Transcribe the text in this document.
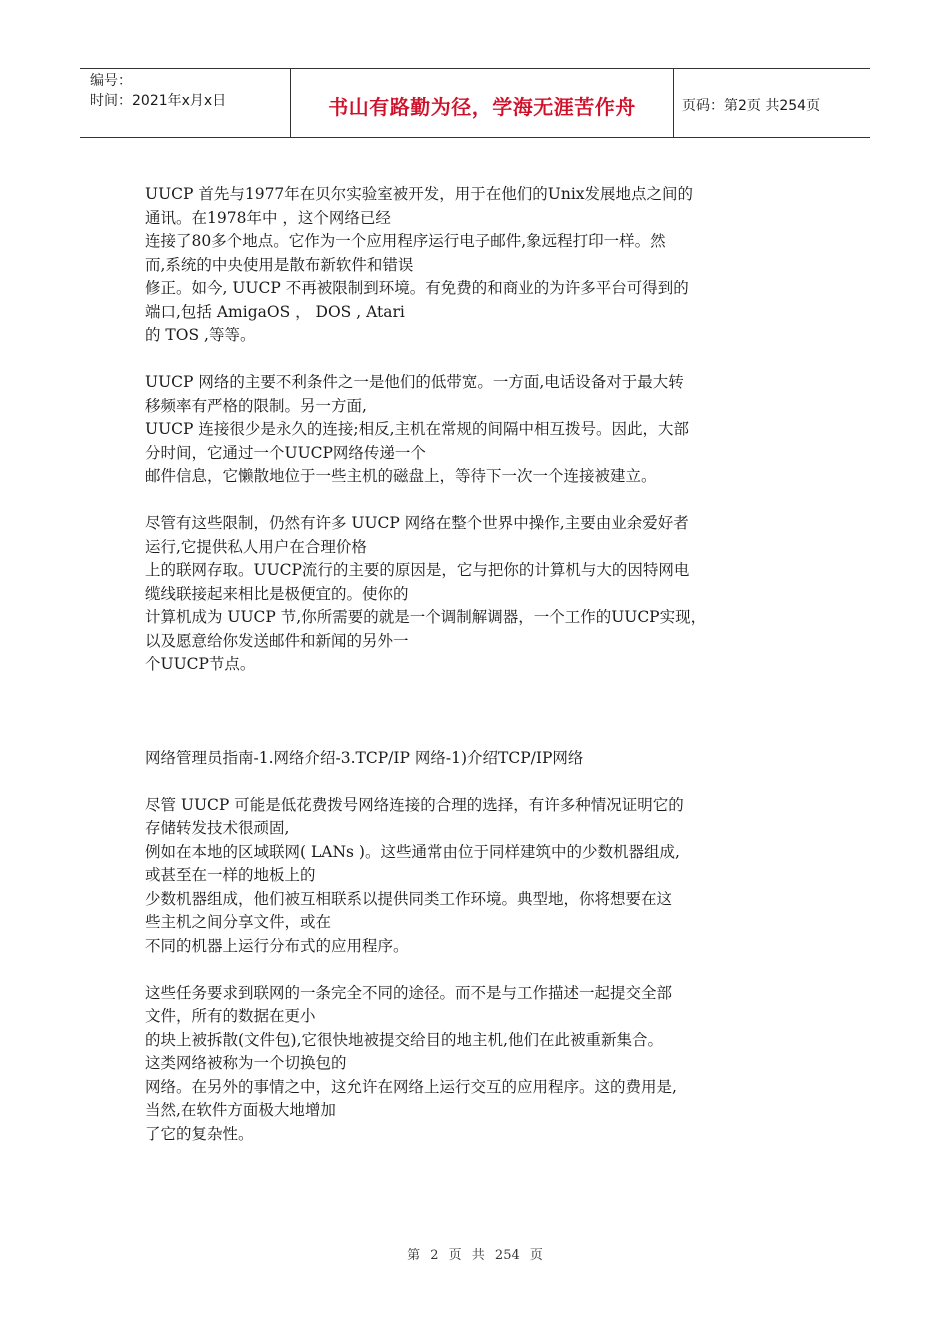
编号：
时间：2021年x月x日	书山有路勤为径，学海无涯苦作舟	页码：第2页 共254页

UUCP 首先与1977年在贝尔实验室被开发，用于在他们的Unix发展地点之间的
通讯。在1978年中 ，这个网络已经
连接了80多个地点。它作为一个应用程序运行电子邮件,象远程打印一样。然
而,系统的中央使用是散布新软件和错误
修正。如今, UUCP 不再被限制到环境。有免费的和商业的为许多平台可得到的
端口,包括 AmigaOS ， DOS , Atari
的 TOS ,等等。

UUCP 网络的主要不利条件之一是他们的低带宽。一方面,电话设备对于最大转
移频率有严格的限制。另一方面,
UUCP 连接很少是永久的连接;相反,主机在常规的间隔中相互拨号。因此，大部
分时间，它通过一个UUCP网络传递一个
邮件信息，它懒散地位于一些主机的磁盘上，等待下一次一个连接被建立。

尽管有这些限制，仍然有许多 UUCP 网络在整个世界中操作,主要由业余爱好者
运行,它提供私人用户在合理价格
上的联网存取。UUCP流行的主要的原因是，它与把你的计算机与大的因特网电
缆线联接起来相比是极便宜的。使你的
计算机成为 UUCP 节,你所需要的就是一个调制解调器，一个工作的UUCP实现，
以及愿意给你发送邮件和新闻的另外一
个UUCP节点。

网络管理员指南-1.网络介绍-3.TCP/IP 网络-1)介绍TCP/IP网络

尽管 UUCP 可能是低花费拨号网络连接的合理的选择，有许多种情况证明它的
存储转发技术很顽固,
例如在本地的区域联网( LANs )。这些通常由位于同样建筑中的少数机器组成,
或甚至在一样的地板上的
少数机器组成，他们被互相联系以提供同类工作环境。典型地，你将想要在这
些主机之间分享文件，或在
不同的机器上运行分布式的应用程序。

这些任务要求到联网的一条完全不同的途径。而不是与工作描述一起提交全部
文件，所有的数据在更小
的块上被拆散(文件包),它很快地被提交给目的地主机,他们在此被重新集合。
这类网络被称为一个切换包的
网络。在另外的事情之中，这允许在网络上运行交互的应用程序。这的费用是,
当然,在软件方面极大地增加
了它的复杂性。

第 2 页 共 254 页
